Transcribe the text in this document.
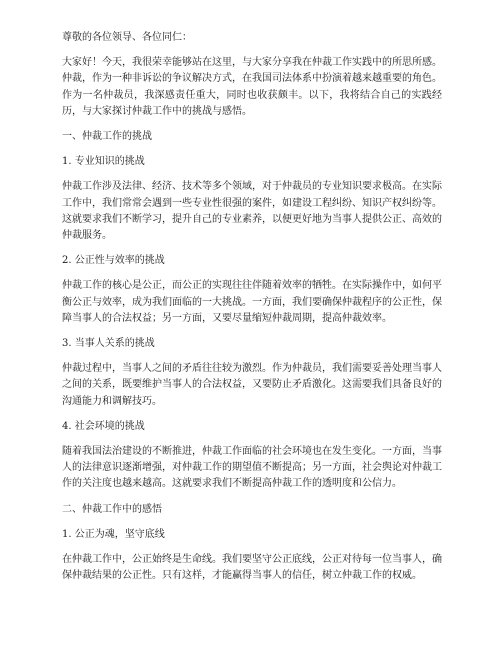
尊敬的各位领导、各位同仁：

大家好！今天，我很荣幸能够站在这里，与大家分享我在仲裁工作实践中的所思所感。仲裁，作为一种非诉讼的争议解决方式，在我国司法体系中扮演着越来越重要的角色。作为一名仲裁员，我深感责任重大，同时也收获颇丰。以下，我将结合自己的实践经历，与大家探讨仲裁工作中的挑战与感悟。

一、仲裁工作的挑战

1. 专业知识的挑战

仲裁工作涉及法律、经济、技术等多个领域，对于仲裁员的专业知识要求极高。在实际工作中，我们常常会遇到一些专业性很强的案件，如建设工程纠纷、知识产权纠纷等。这就要求我们不断学习，提升自己的专业素养，以便更好地为当事人提供公正、高效的仲裁服务。

2. 公正性与效率的挑战

仲裁工作的核心是公正，而公正的实现往往伴随着效率的牺牲。在实际操作中，如何平衡公正与效率，成为我们面临的一大挑战。一方面，我们要确保仲裁程序的公正性，保障当事人的合法权益；另一方面，又要尽量缩短仲裁周期，提高仲裁效率。

3. 当事人关系的挑战

仲裁过程中，当事人之间的矛盾往往较为激烈。作为仲裁员，我们需要妥善处理当事人之间的关系，既要维护当事人的合法权益，又要防止矛盾激化。这需要我们具备良好的沟通能力和调解技巧。

4. 社会环境的挑战

随着我国法治建设的不断推进，仲裁工作面临的社会环境也在发生变化。一方面，当事人的法律意识逐渐增强，对仲裁工作的期望值不断提高；另一方面，社会舆论对仲裁工作的关注度也越来越高。这就要求我们不断提高仲裁工作的透明度和公信力。

二、仲裁工作中的感悟

1. 公正为魂，坚守底线

在仲裁工作中，公正始终是生命线。我们要坚守公正底线，公正对待每一位当事人，确保仲裁结果的公正性。只有这样，才能赢得当事人的信任，树立仲裁工作的权威。
